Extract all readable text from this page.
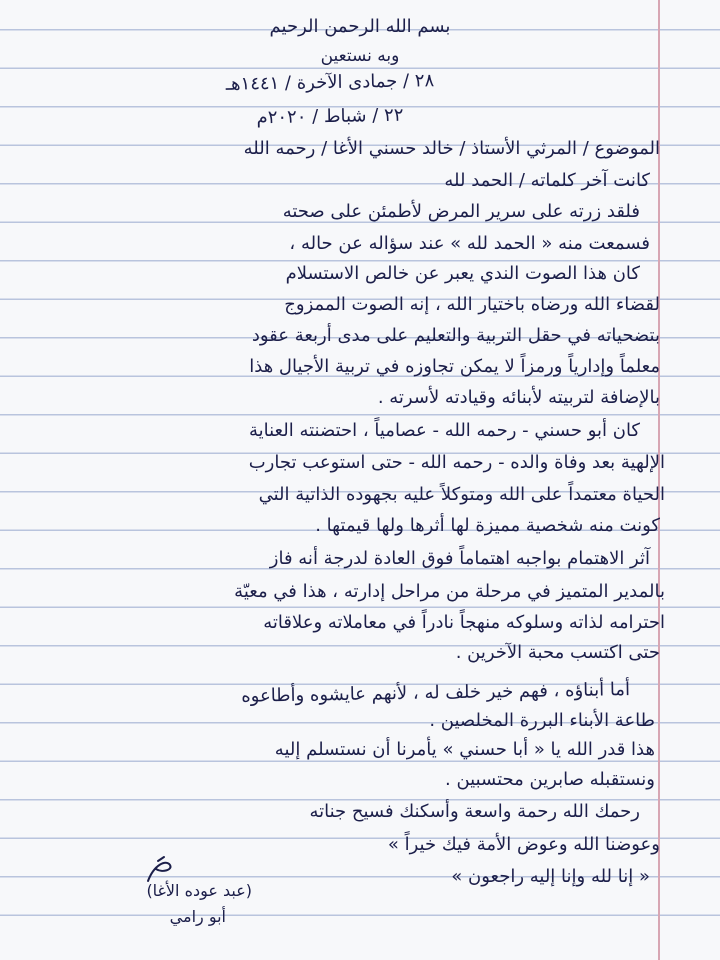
بسم الله الرحمن الرحيم

وبه نستعين

٢٨ / جمادى الآخرة / ١٤٤١هـ

٢٢ / شباط / ٢٠٢٠م

الموضوع / المرثي الأستاذ / خالد حسني الأغا / رحمه الله

كانت آخر كلماته / الحمد لله

فلقد زرته على سرير المرض لأطمئن على صحته

فسمعت منه « الحمد لله » عند سؤاله عن حاله ،

كان هذا الصوت الندي يعبر عن خالص الاستسلام

لقضاء الله ورضاه باختيار الله ، إنه الصوت الممزوج

بتضحياته في حقل التربية والتعليم على مدى أربعة عقود

معلماً وإدارياً ورمزاً لا يمكن تجاوزه في تربية الأجيال هذا

بالإضافة لتربيته لأبنائه وقيادته لأسرته .

كان أبو حسني - رحمه الله - عصامياً ، احتضنته العناية

الإلهية بعد وفاة والده - رحمه الله - حتى استوعب تجارب

الحياة معتمداً على الله ومتوكلاً عليه بجهوده الذاتية التي

كونت منه شخصية مميزة لها أثرها ولها قيمتها .

آثر الاهتمام بواجبه اهتماماً فوق العادة لدرجة أنه فاز

بالمدير المتميز في مرحلة من مراحل إدارته ، هذا في معيّة

احترامه لذاته وسلوكه منهجاً نادراً في معاملاته وعلاقاته

حتى اكتسب محبة الآخرين .

أما أبناؤه ، فهم خير خلف له ، لأنهم عايشوه وأطاعوه

طاعة الأبناء البررة المخلصين .

هذا قدر الله يا « أبا حسني » يأمرنا أن نستسلم إليه

ونستقبله صابرين محتسبين .

رحمك الله رحمة واسعة وأسكنك فسيح جناته

وعوضنا الله وعوض الأمة فيك خيراً »

« إنا لله وإنا إليه راجعون »

(عبد عوده الأغا)
أبو رامي
